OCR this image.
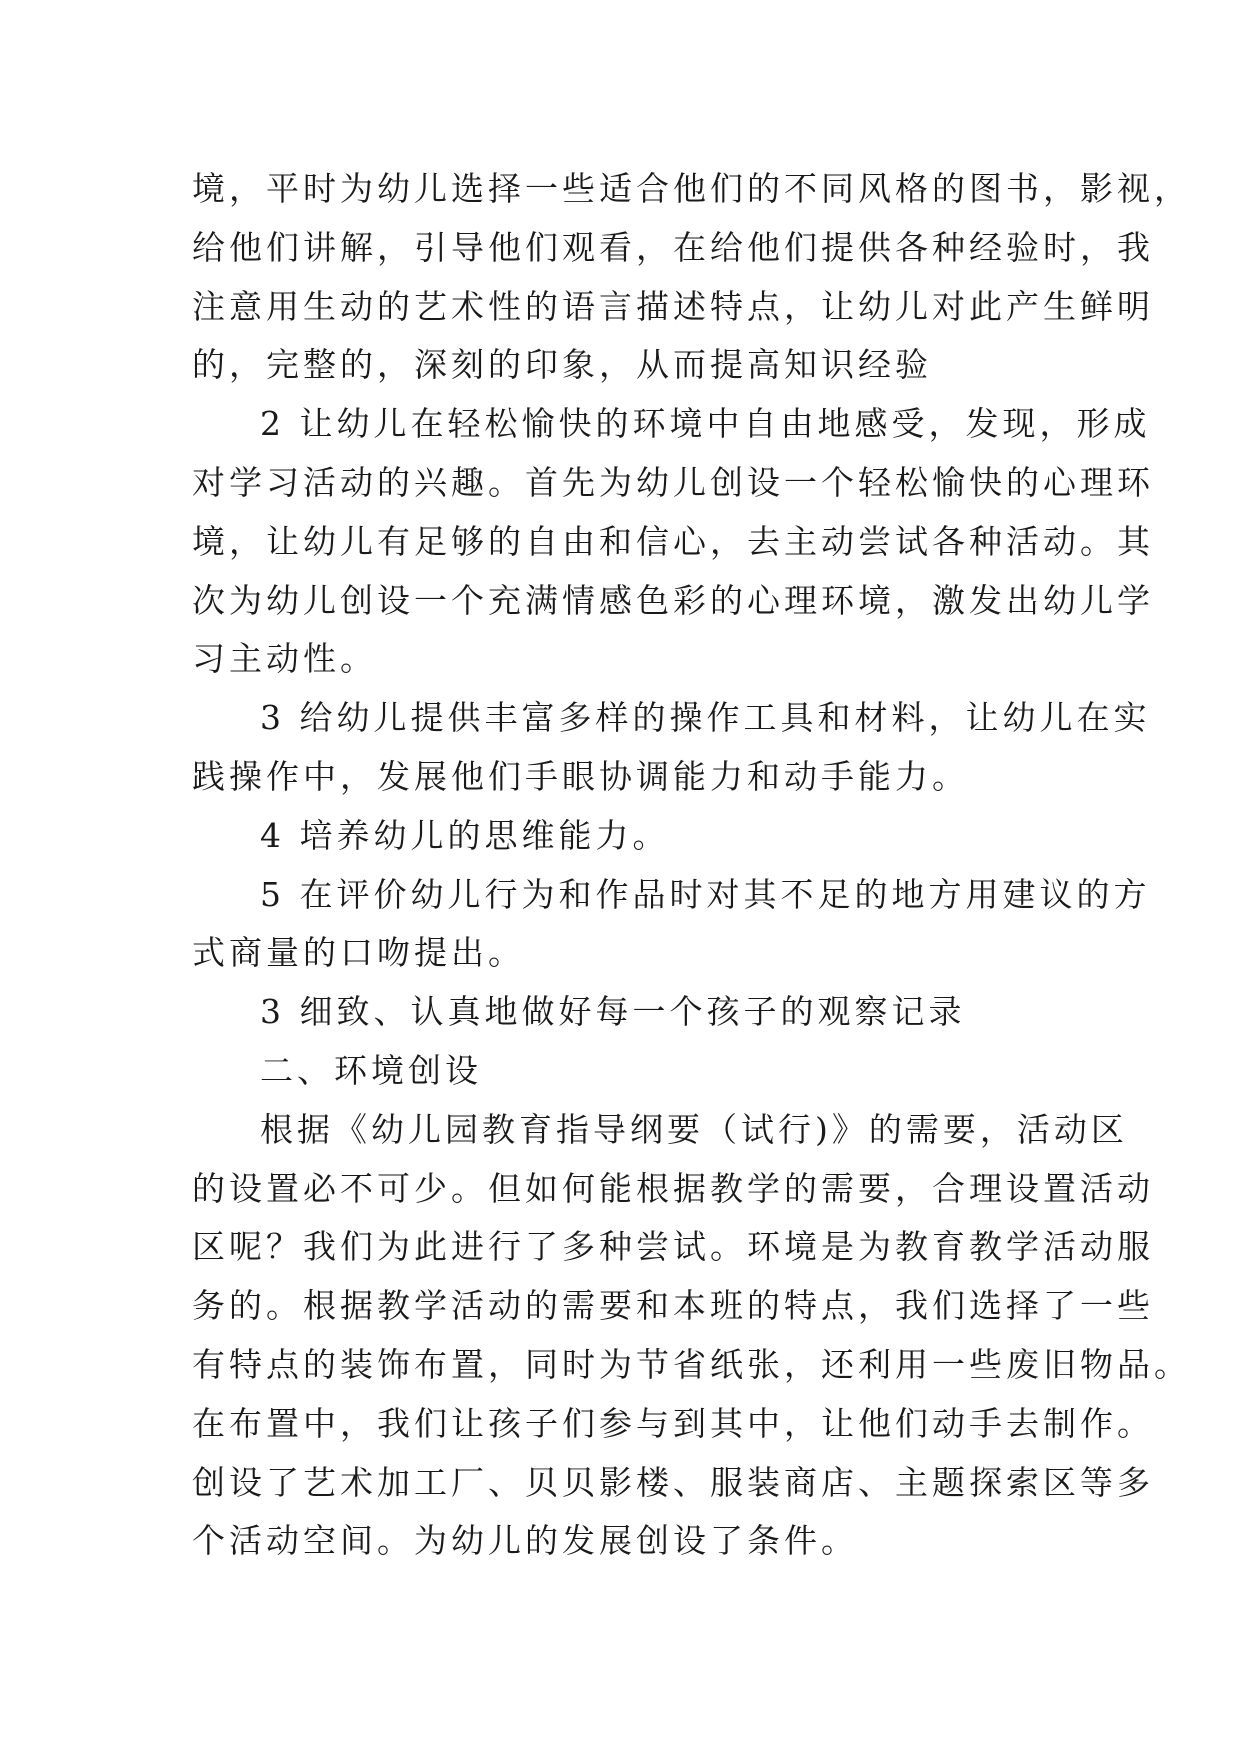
境，平时为幼儿选择一些适合他们的不同风格的图书，影视，
给他们讲解，引导他们观看，在给他们提供各种经验时，我
注意用生动的艺术性的语言描述特点，让幼儿对此产生鲜明
的，完整的，深刻的印象，从而提高知识经验
2 让幼儿在轻松愉快的环境中自由地感受，发现，形成
对学习活动的兴趣。首先为幼儿创设一个轻松愉快的心理环
境，让幼儿有足够的自由和信心，去主动尝试各种活动。其
次为幼儿创设一个充满情感色彩的心理环境，激发出幼儿学
习主动性。
3 给幼儿提供丰富多样的操作工具和材料，让幼儿在实
践操作中，发展他们手眼协调能力和动手能力。
4 培养幼儿的思维能力。
5 在评价幼儿行为和作品时对其不足的地方用建议的方
式商量的口吻提出。
3 细致、认真地做好每一个孩子的观察记录
二、环境创设
根据《幼儿园教育指导纲要（试行)》的需要，活动区
的设置必不可少。但如何能根据教学的需要，合理设置活动
区呢？我们为此进行了多种尝试。环境是为教育教学活动服
务的。根据教学活动的需要和本班的特点，我们选择了一些
有特点的装饰布置，同时为节省纸张，还利用一些废旧物品。
在布置中，我们让孩子们参与到其中，让他们动手去制作。
创设了艺术加工厂、贝贝影楼、服装商店、主题探索区等多
个活动空间。为幼儿的发展创设了条件。
